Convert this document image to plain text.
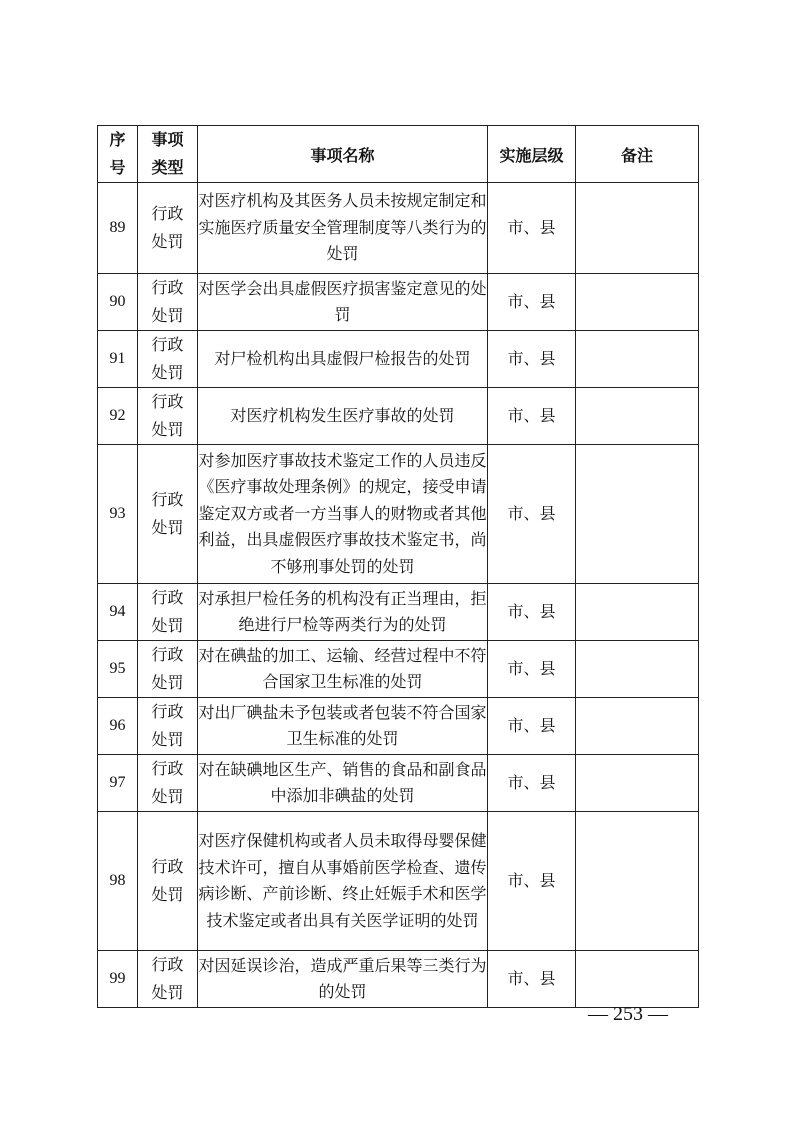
序号	事项类型	事项名称	实施层级	备注
89	行政处罚	对医疗机构及其医务人员未按规定制定和实施医疗质量安全管理制度等八类行为的处罚	市、县	
90	行政处罚	对医学会出具虚假医疗损害鉴定意见的处罚	市、县	
91	行政处罚	对尸检机构出具虚假尸检报告的处罚	市、县	
92	行政处罚	对医疗机构发生医疗事故的处罚	市、县	
93	行政处罚	对参加医疗事故技术鉴定工作的人员违反《医疗事故处理条例》的规定，接受申请鉴定双方或者一方当事人的财物或者其他利益，出具虚假医疗事故技术鉴定书，尚不够刑事处罚的处罚	市、县	
94	行政处罚	对承担尸检任务的机构没有正当理由，拒绝进行尸检等两类行为的处罚	市、县	
95	行政处罚	对在碘盐的加工、运输、经营过程中不符合国家卫生标准的处罚	市、县	
96	行政处罚	对出厂碘盐未予包装或者包装不符合国家卫生标准的处罚	市、县	
97	行政处罚	对在缺碘地区生产、销售的食品和副食品中添加非碘盐的处罚	市、县	
98	行政处罚	对医疗保健机构或者人员未取得母婴保健技术许可，擅自从事婚前医学检查、遗传病诊断、产前诊断、终止妊娠手术和医学技术鉴定或者出具有关医学证明的处罚	市、县	
99	行政处罚	对因延误诊治，造成严重后果等三类行为的处罚	市、县	
— 253 —
